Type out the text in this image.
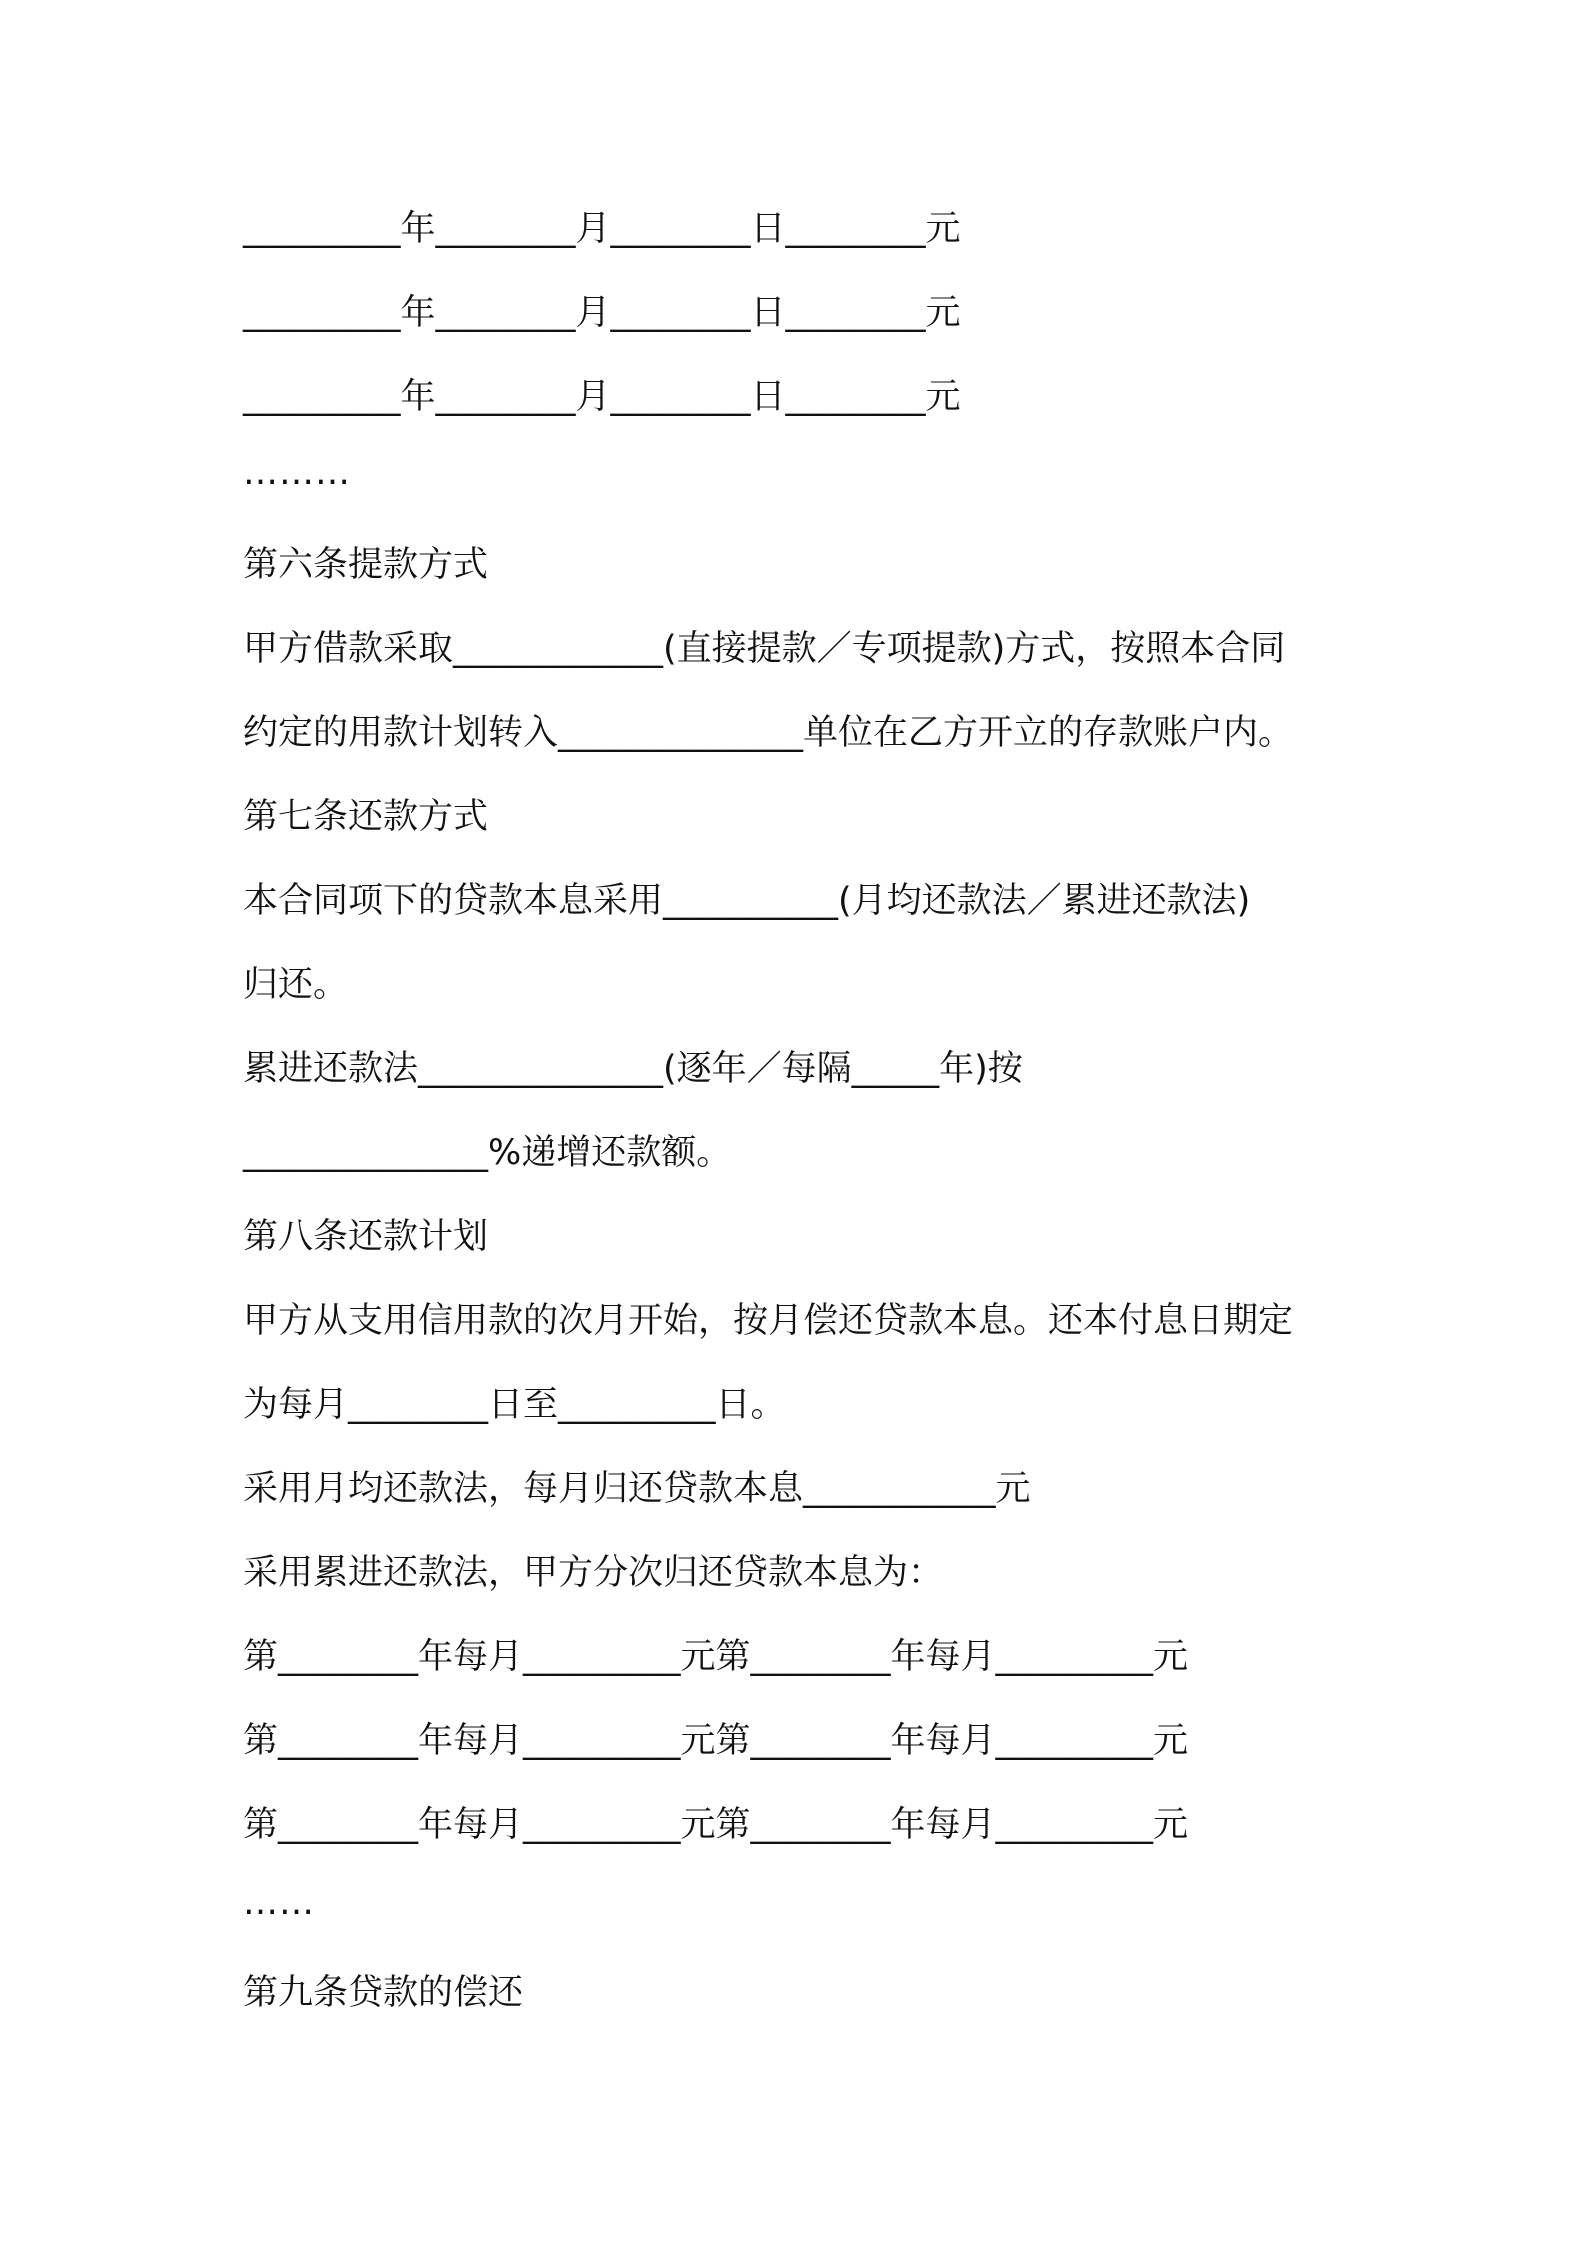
_________年________月________日________元
_________年________月________日________元
_________年________月________日________元
………
第六条提款方式
甲方借款采取____________(直接提款／专项提款)方式，按照本合同
约定的用款计划转入______________单位在乙方开立的存款账户内。
第七条还款方式
本合同项下的贷款本息采用__________(月均还款法／累进还款法)
归还。
累进还款法______________(逐年／每隔_____年)按
______________%递增还款额。
第八条还款计划
甲方从支用信用款的次月开始，按月偿还贷款本息。还本付息日期定
为每月________日至_________日。
采用月均还款法，每月归还贷款本息___________元
采用累进还款法，甲方分次归还贷款本息为：
第________年每月_________元第________年每月_________元
第________年每月_________元第________年每月_________元
第________年每月_________元第________年每月_________元
……
第九条贷款的偿还
